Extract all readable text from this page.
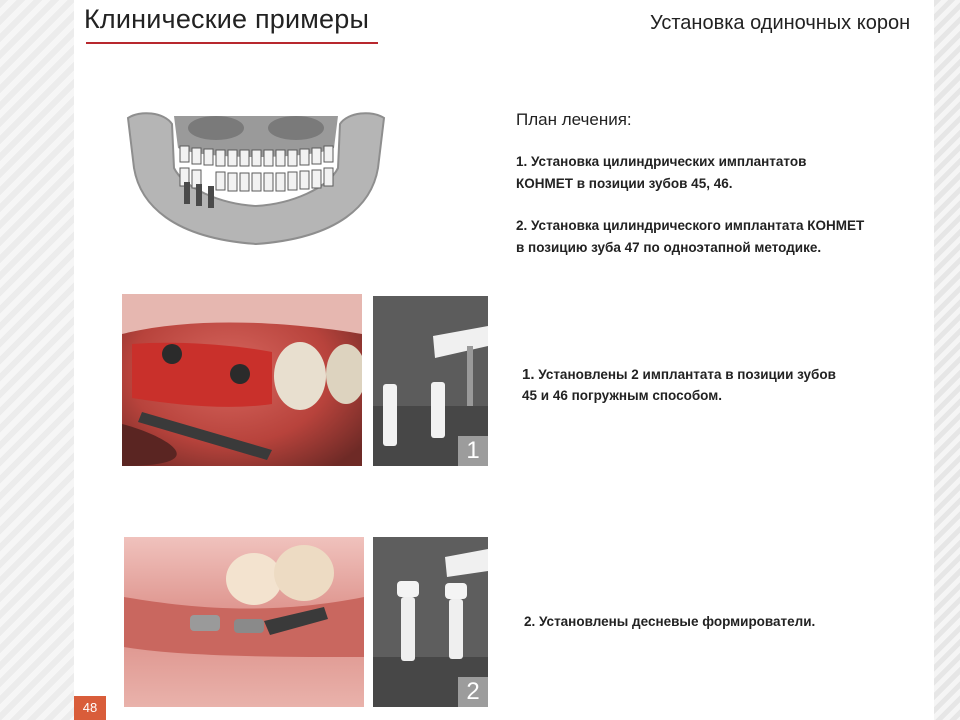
Клинические примеры	Установка одиночных корон
План лечения:
1. Установка цилиндрических имплантатов
КОНМЕТ в позиции зубов 45, 46.
2. Установка цилиндрического имплантата КОНМЕТ
в позицию зуба 47 по одноэтапной методике.
1
1. Установлены 2 имплантата в позиции зубов
45 и 46 погружным способом.
2
2. Установлены десневые формирователи.
48
